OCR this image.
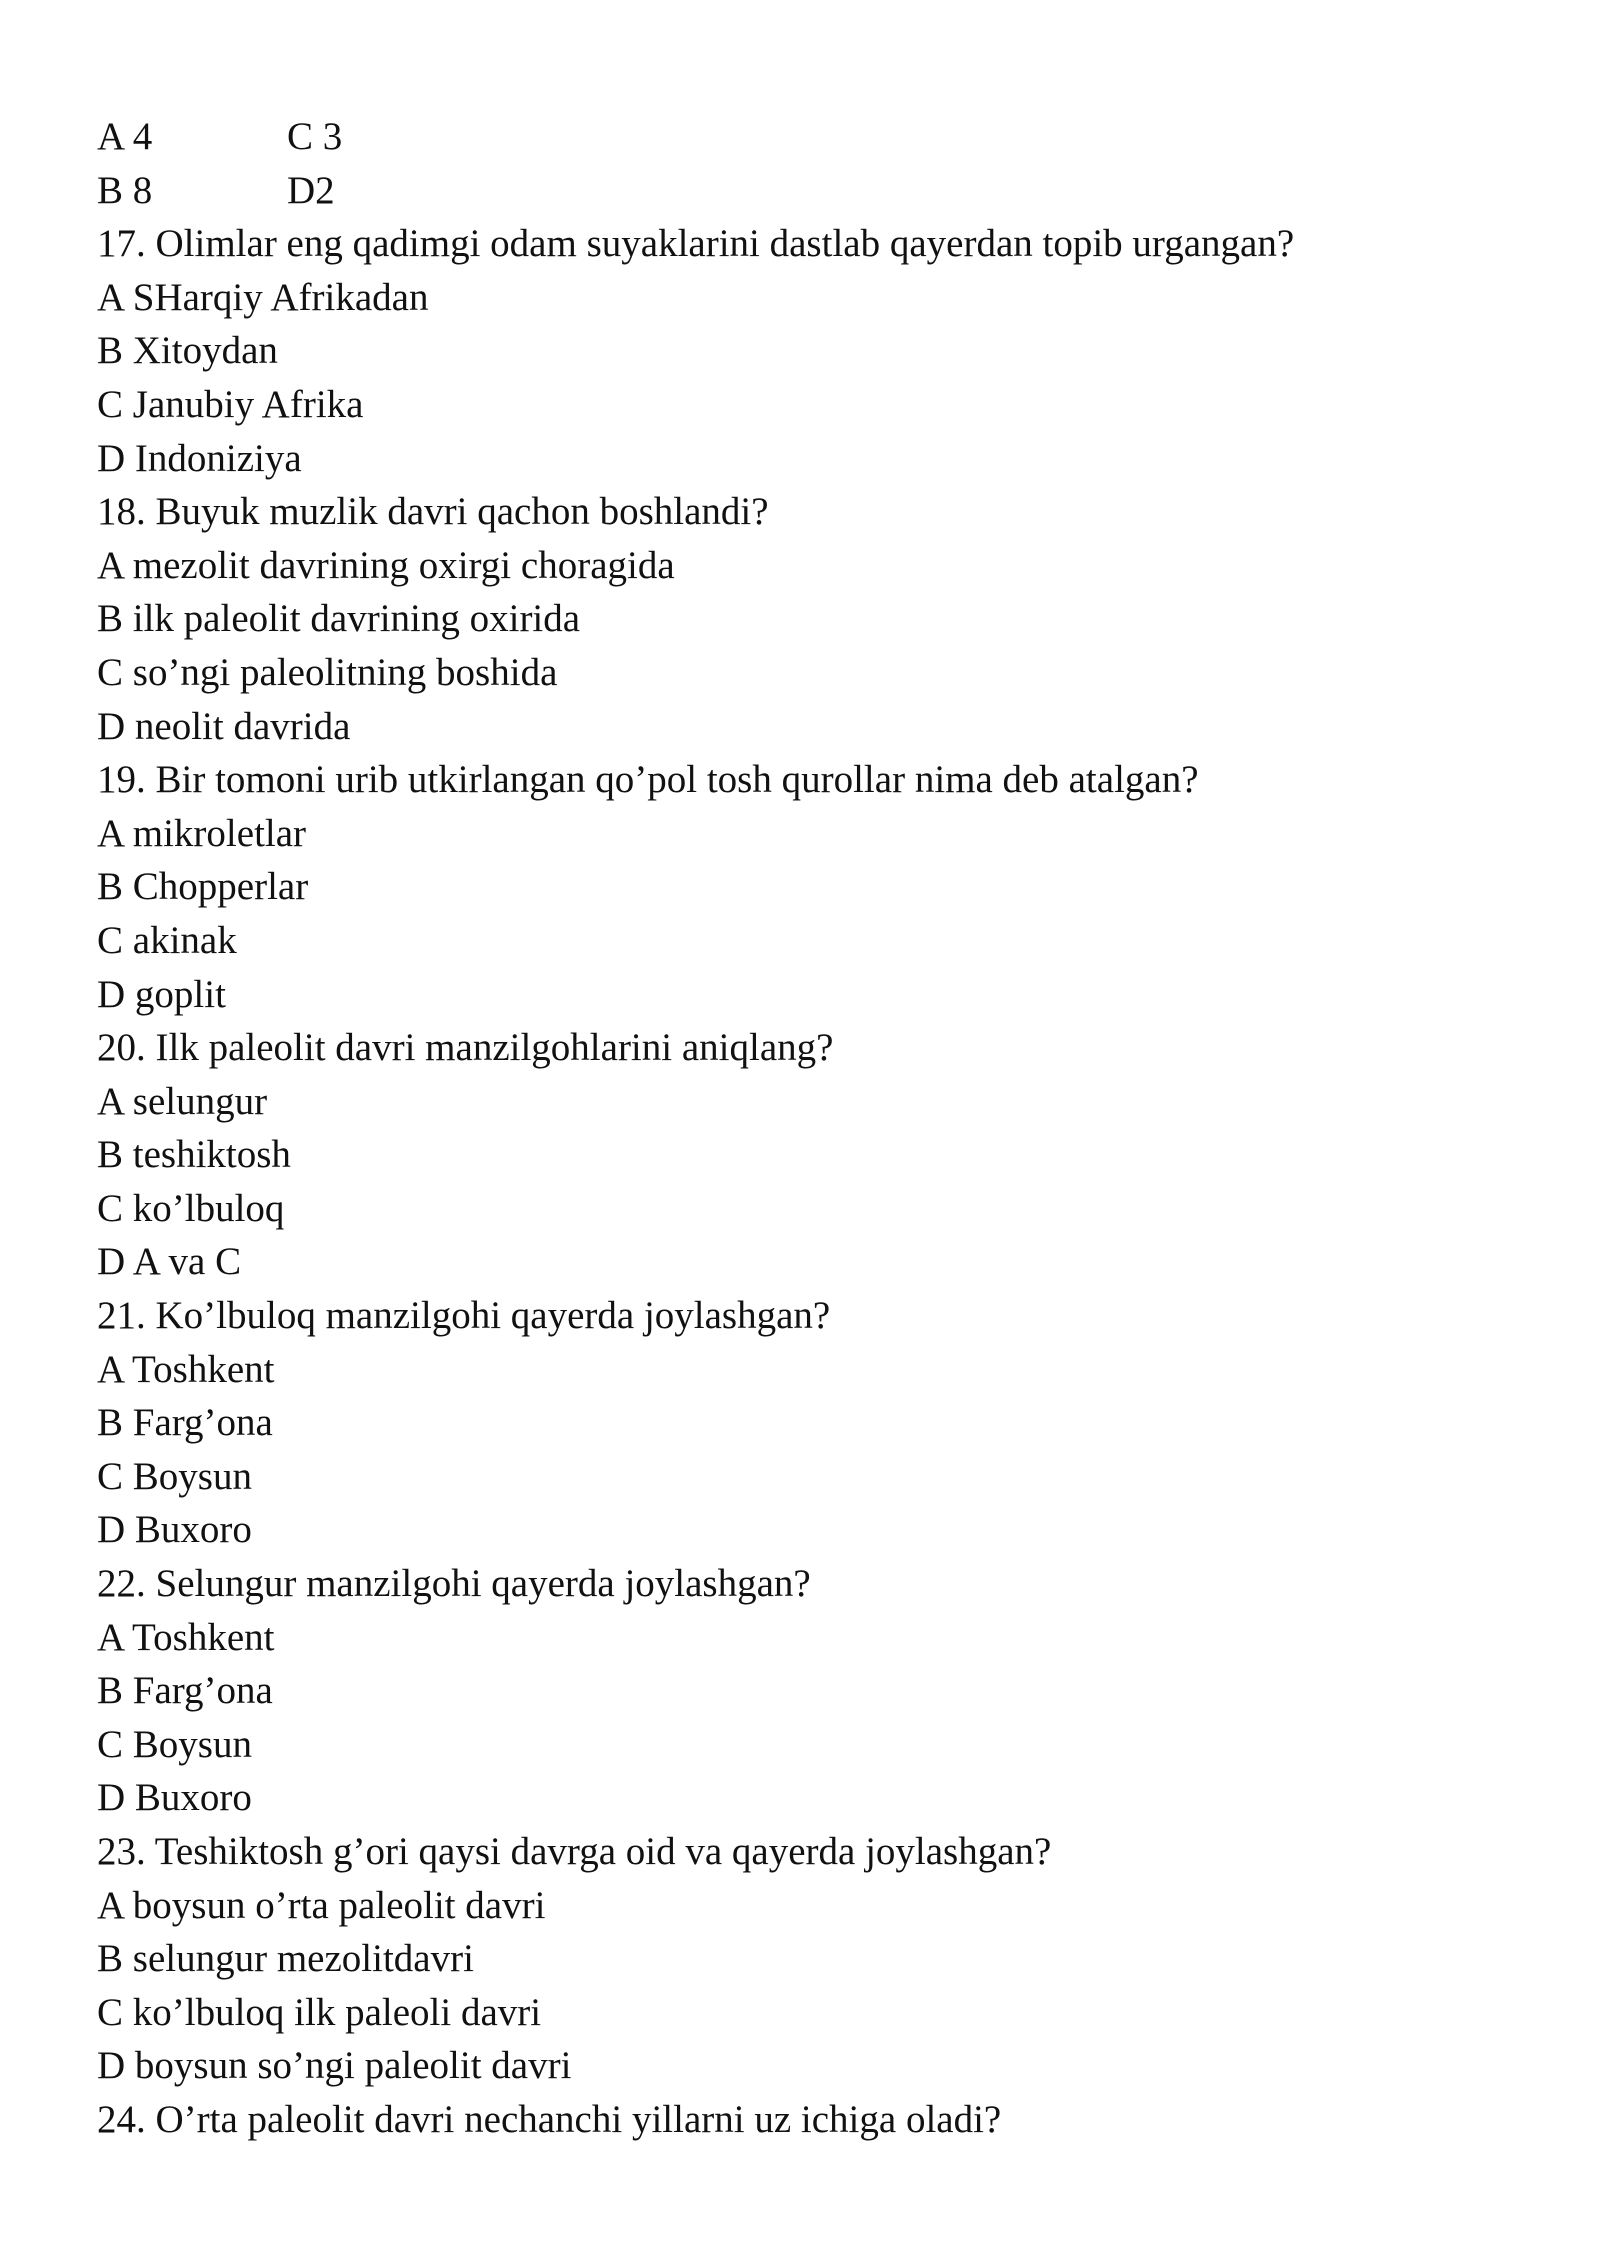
A 4	C 3
B 8	D2
17. Olimlar eng qadimgi odam suyaklarini dastlab qayerdan topib urgangan?
A SHarqiy Afrikadan
B Xitoydan
C Janubiy Afrika
D Indoniziya
18. Buyuk muzlik davri qachon boshlandi?
A mezolit davrining oxirgi choragida
B ilk paleolit davrining oxirida
C so’ngi paleolitning boshida
D neolit davrida
19. Bir tomoni urib utkirlangan qo’pol tosh qurollar nima deb atalgan?
A mikroletlar
B Chopperlar
C akinak
D goplit
20. Ilk paleolit davri manzilgohlarini aniqlang?
A selungur
B teshiktosh
C ko’lbuloq
D A va C
21. Ko’lbuloq manzilgohi qayerda joylashgan?
A Toshkent
B Farg’ona
C Boysun
D Buxoro
22. Selungur manzilgohi qayerda joylashgan?
A Toshkent
B Farg’ona
C Boysun
D Buxoro
23. Teshiktosh g’ori qaysi davrga oid va qayerda joylashgan?
A boysun o’rta paleolit davri
B selungur mezolitdavri
C ko’lbuloq ilk paleoli davri
D boysun so’ngi paleolit davri
24. O’rta paleolit davri nechanchi yillarni uz ichiga oladi?
